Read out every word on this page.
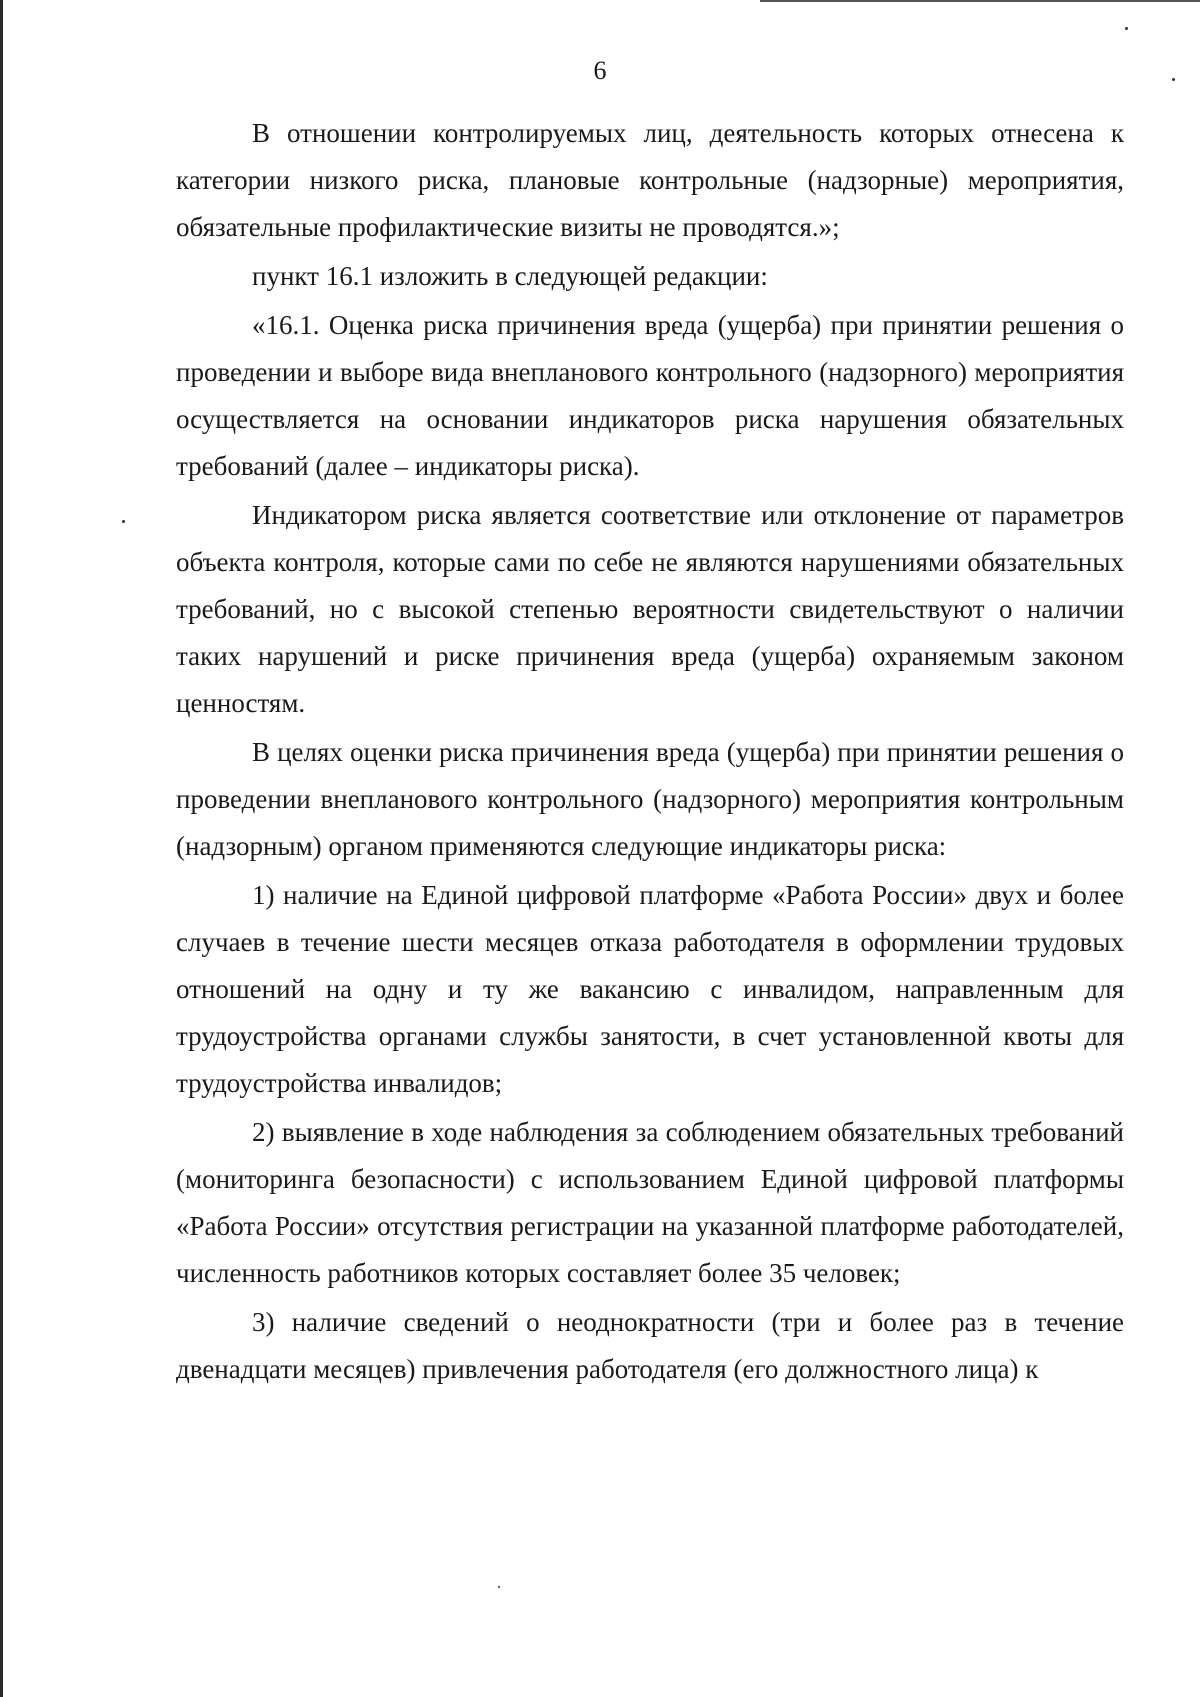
6

В отношении контролируемых лиц, деятельность которых отнесена к категории низкого риска, плановые контрольные (надзорные) мероприятия, обязательные профилактические визиты не проводятся.»;

пункт 16.1 изложить в следующей редакции:

«16.1. Оценка риска причинения вреда (ущерба) при принятии решения о проведении и выборе вида внепланового контрольного (надзорного) мероприятия осуществляется на основании индикаторов риска нарушения обязательных требований (далее – индикаторы риска).

Индикатором риска является соответствие или отклонение от параметров объекта контроля, которые сами по себе не являются нарушениями обязательных требований, но с высокой степенью вероятности свидетельствуют о наличии таких нарушений и риске причинения вреда (ущерба) охраняемым законом ценностям.

В целях оценки риска причинения вреда (ущерба) при принятии решения о проведении внепланового контрольного (надзорного) мероприятия контрольным (надзорным) органом применяются следующие индикаторы риска:

1) наличие на Единой цифровой платформе «Работа России» двух и более случаев в течение шести месяцев отказа работодателя в оформлении трудовых отношений на одну и ту же вакансию с инвалидом, направленным для трудоустройства органами службы занятости, в счет установленной квоты для трудоустройства инвалидов;

2) выявление в ходе наблюдения за соблюдением обязательных требований (мониторинга безопасности) с использованием Единой цифровой платформы «Работа России» отсутствия регистрации на указанной платформе работодателей, численность работников которых составляет более 35 человек;

3) наличие сведений о неоднократности (три и более раз в течение двенадцати месяцев) привлечения работодателя (его должностного лица) к
